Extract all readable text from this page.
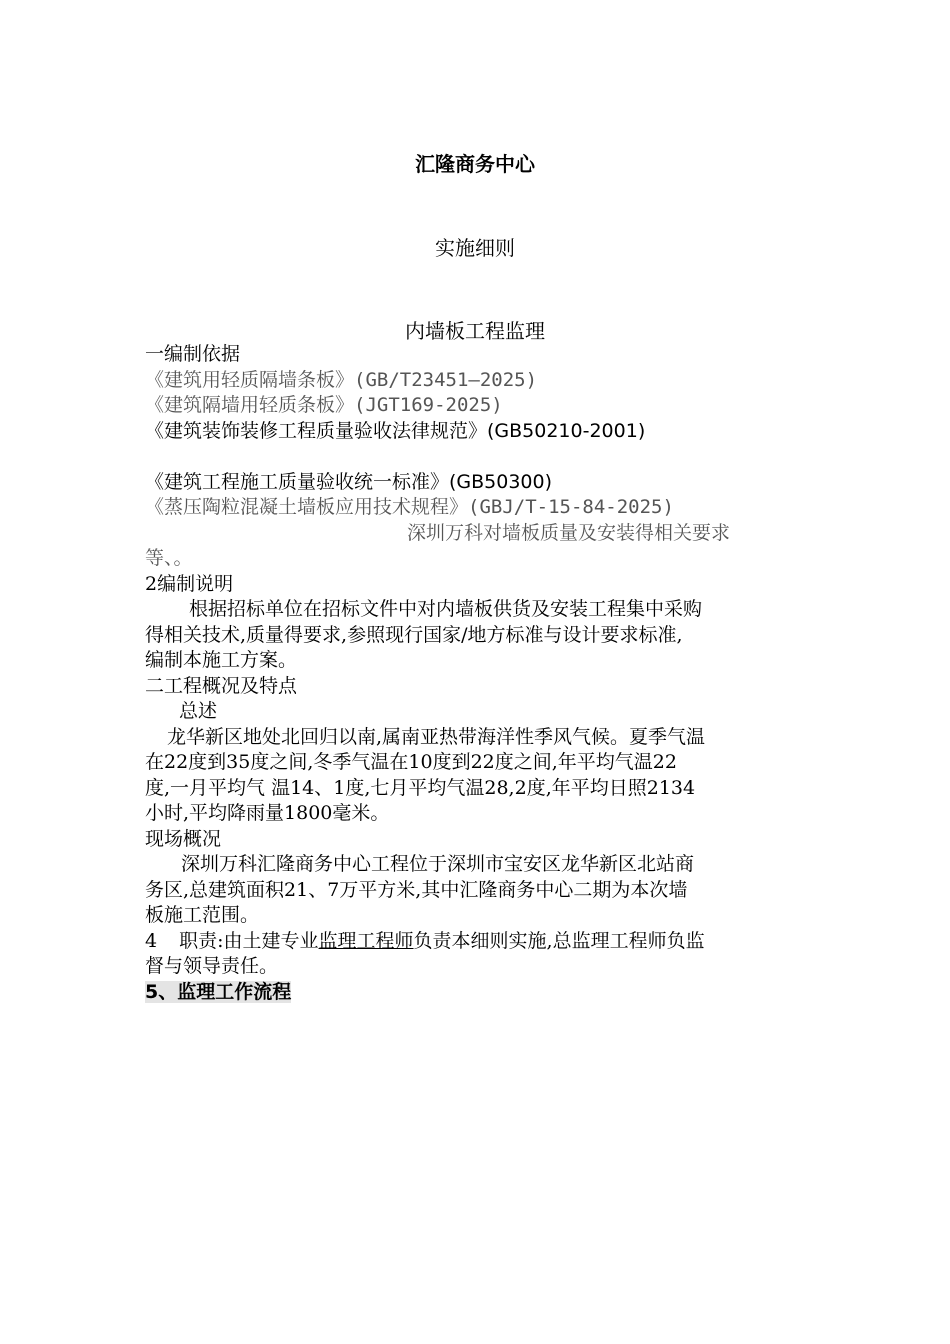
汇隆商务中心
实施细则
内墙板工程监理
一编制依据
《建筑用轻质隔墙条板》(GB/T23451—2025)
《建筑隔墙用轻质条板》(JGT169-2025)
《建筑装饰装修工程质量验收法律规范》(GB50210-2001)
《建筑工程施工质量验收统一标准》(GB50300)
《蒸压陶粒混凝土墙板应用技术规程》(GBJ/T-15-84-2025)
深圳万科对墙板质量及安装得相关要求
等、。
2编制说明
根据招标单位在招标文件中对内墙板供货及安装工程集中采购
得相关技术,质量得要求,参照现行国家/地方标准与设计要求标准,
编制本施工方案。
二工程概况及特点
总述
龙华新区地处北回归以南,属南亚热带海洋性季风气候。夏季气温
在22度到35度之间,冬季气温在10度到22度之间,年平均气温22
度,一月平均气 温14、1度,七月平均气温28,2度,年平均日照2134
小时,平均降雨量1800毫米。
现场概况
深圳万科汇隆商务中心工程位于深圳市宝安区龙华新区北站商
务区,总建筑面积21、7万平方米,其中汇隆商务中心二期为本次墙
板施工范围。
4 职责:由土建专业监理工程师负责本细则实施,总监理工程师负监
督与领导责任。
5、监理工作流程
